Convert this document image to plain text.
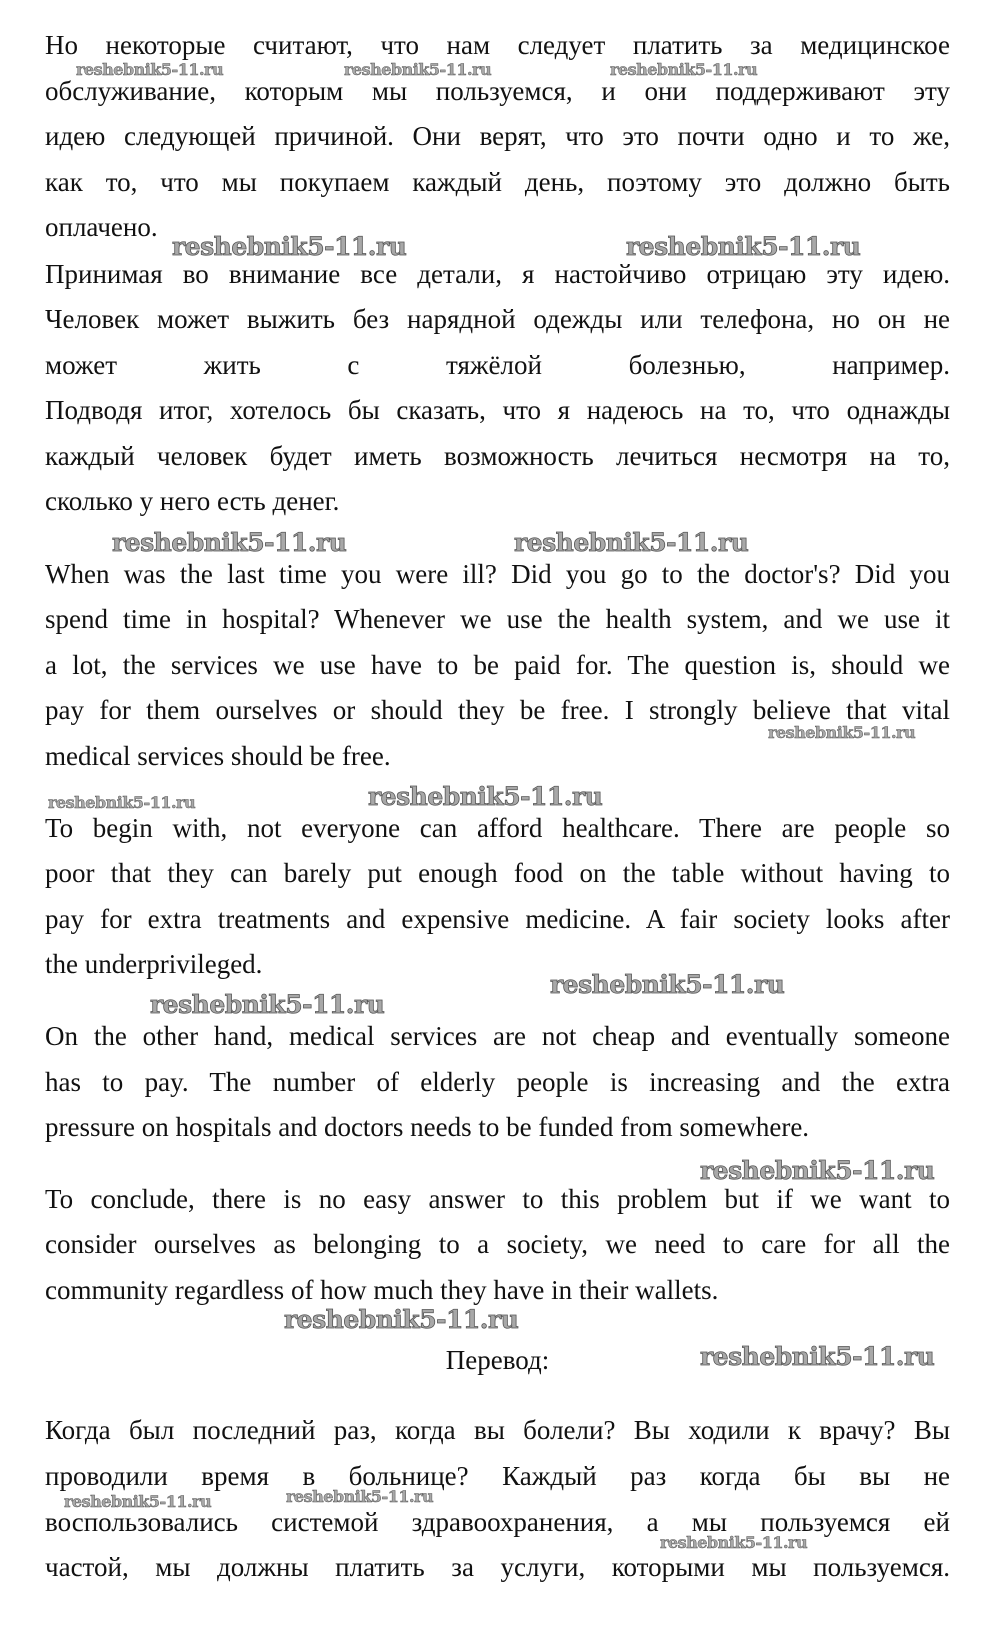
Но некоторые считают, что нам следует платить за медицинское
обслуживание, которым мы пользуемся, и они поддерживают эту
идею следующей причиной. Они верят, что это почти одно и то же,
как то, что мы покупаем каждый день, поэтому это должно быть
оплачено.
Принимая во внимание все детали, я настойчиво отрицаю эту идею.
Человек может выжить без нарядной одежды или телефона, но он не
может жить с тяжёлой болезнью, например.
Подводя итог, хотелось бы сказать, что я надеюсь на то, что однажды
каждый человек будет иметь возможность лечиться несмотря на то,
сколько у него есть денег.
When was the last time you were ill? Did you go to the doctor's? Did you
spend time in hospital? Whenever we use the health system, and we use it
a lot, the services we use have to be paid for. The question is, should we
pay for them ourselves or should they be free. I strongly believe that vital
medical services should be free.
To begin with, not everyone can afford healthcare. There are people so
poor that they can barely put enough food on the table without having to
pay for extra treatments and expensive medicine. A fair society looks after
the underprivileged.
On the other hand, medical services are not cheap and eventually someone
has to pay. The number of elderly people is increasing and the extra
pressure on hospitals and doctors needs to be funded from somewhere.
To conclude, there is no easy answer to this problem but if we want to
consider ourselves as belonging to a society, we need to care for all the
community regardless of how much they have in their wallets.
Перевод:
Когда был последний раз, когда вы болели? Вы ходили к врачу? Вы
проводили время в больнице? Каждый раз когда бы вы не
воспользовались системой здравоохранения, а мы пользуемся ей
частой, мы должны платить за услуги, которыми мы пользуемся.
reshebnik5-11.ru	reshebnik5-11.ru	reshebnik5-11.ru
reshebnik5-11.ru	reshebnik5-11.ru
reshebnik5-11.ru	reshebnik5-11.ru
reshebnik5-11.ru
reshebnik5-11.ru	reshebnik5-11.ru
reshebnik5-11.ru
reshebnik5-11.ru
reshebnik5-11.ru
reshebnik5-11.ru
reshebnik5-11.ru
reshebnik5-11.ru	reshebnik5-11.ru
reshebnik5-11.ru
